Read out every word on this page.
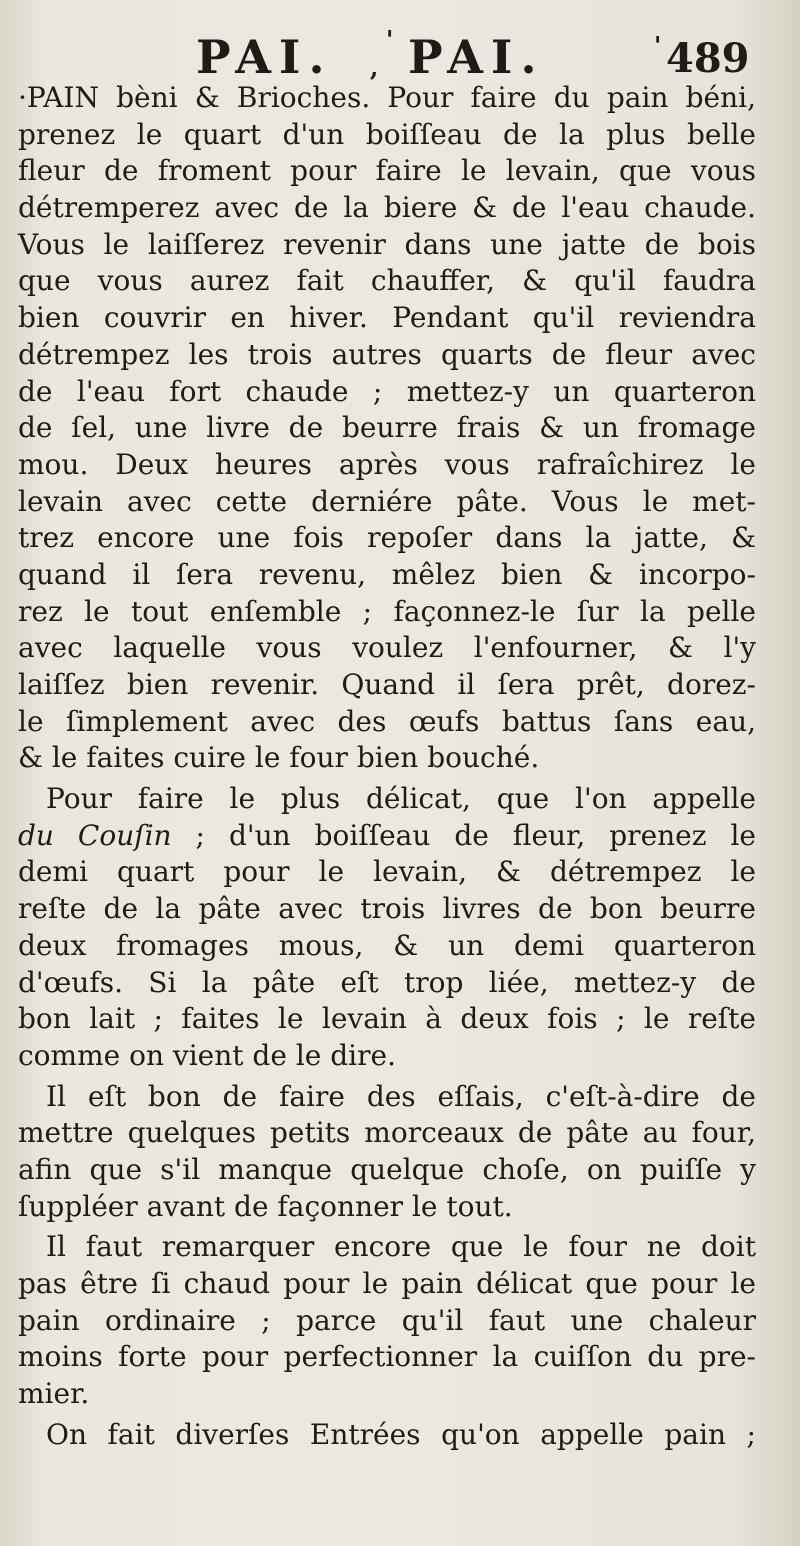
PAI. ,
' PAI.	' 489
·PAIN bèni & Brioches. Pour faire du pain béni,
prenez le quart d'un boiſſeau de la plus belle
fleur de froment pour faire le levain, que vous
détremperez avec de la biere & de l'eau chaude.
Vous le laiſſerez revenir dans une jatte de bois
que vous aurez fait chauffer, & qu'il faudra
bien couvrir en hiver. Pendant qu'il reviendra
détrempez les trois autres quarts de fleur avec
de l'eau fort chaude ; mettez-y un quarteron
de ſel, une livre de beurre frais & un fromage
mou. Deux heures après vous rafraîchirez le
levain avec cette derniére pâte. Vous le met-
trez encore une fois repoſer dans la jatte, &
quand il ſera revenu, mêlez bien & incorpo-
rez le tout enſemble ; façonnez-le ſur la pelle
avec laquelle vous voulez l'enfourner, & l'y
laiſſez bien revenir. Quand il ſera prêt, dorez-
le ſimplement avec des œufs battus ſans eau,
& le faites cuire le four bien bouché.
Pour faire le plus délicat, que l'on appelle
du Couſin ; d'un boiſſeau de fleur, prenez le
demi quart pour le levain, & détrempez le
reſte de la pâte avec trois livres de bon beurre
deux fromages mous, & un demi quarteron
d'œufs. Si la pâte eſt trop liée, mettez-y de
bon lait ; faites le levain à deux fois ; le reſte
comme on vient de le dire.
Il eſt bon de faire des eſſais, c'eſt-à-dire de
mettre quelques petits morceaux de pâte au four,
afin que s'il manque quelque choſe, on puiſſe y
ſuppléer avant de façonner le tout.
Il faut remarquer encore que le four ne doit
pas être ſi chaud pour le pain délicat que pour le
pain ordinaire ; parce qu'il faut une chaleur
moins forte pour perfectionner la cuiſſon du pre-
mier.
On fait diverſes Entrées qu'on appelle pain ;
